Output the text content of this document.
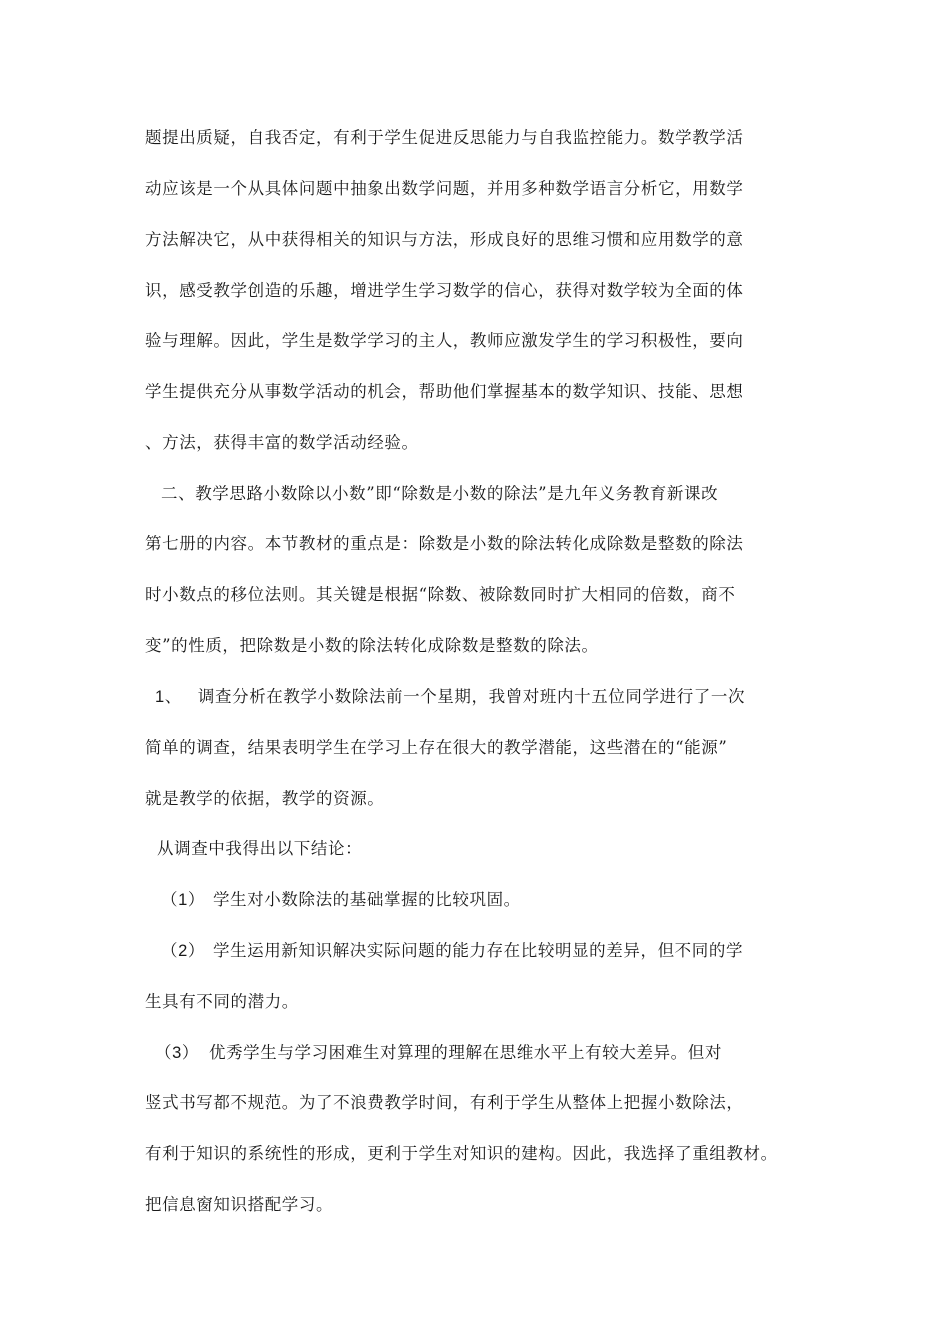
题提出质疑，自我否定，有利于学生促进反思能力与自我监控能力。数学教学活
动应该是一个从具体问题中抽象出数学问题，并用多种数学语言分析它，用数学
方法解决它，从中获得相关的知识与方法，形成良好的思维习惯和应用数学的意
识，感受教学创造的乐趣，增进学生学习数学的信心，获得对数学较为全面的体
验与理解。因此，学生是数学学习的主人，教师应激发学生的学习积极性，要向
学生提供充分从事数学活动的机会，帮助他们掌握基本的数学知识、技能、思想
、方法，获得丰富的数学活动经验。
二、教学思路小数除以小数”即“除数是小数的除法”是九年义务教育新课改
第七册的内容。本节教材的重点是：除数是小数的除法转化成除数是整数的除法
时小数点的移位法则。其关键是根据“除数、被除数同时扩大相同的倍数，商不
变”的性质，把除数是小数的除法转化成除数是整数的除法。
1、 调查分析在教学小数除法前一个星期，我曾对班内十五位同学进行了一次
简单的调查，结果表明学生在学习上存在很大的教学潜能，这些潜在的“能源”
就是教学的依据，教学的资源。
从调查中我得出以下结论：
（1） 学生对小数除法的基础掌握的比较巩固。
（2） 学生运用新知识解决实际问题的能力存在比较明显的差异，但不同的学
生具有不同的潜力。
（3） 优秀学生与学习困难生对算理的理解在思维水平上有较大差异。但对
竖式书写都不规范。为了不浪费教学时间，有利于学生从整体上把握小数除法，
有利于知识的系统性的形成，更利于学生对知识的建构。因此，我选择了重组教材。
把信息窗知识搭配学习。
